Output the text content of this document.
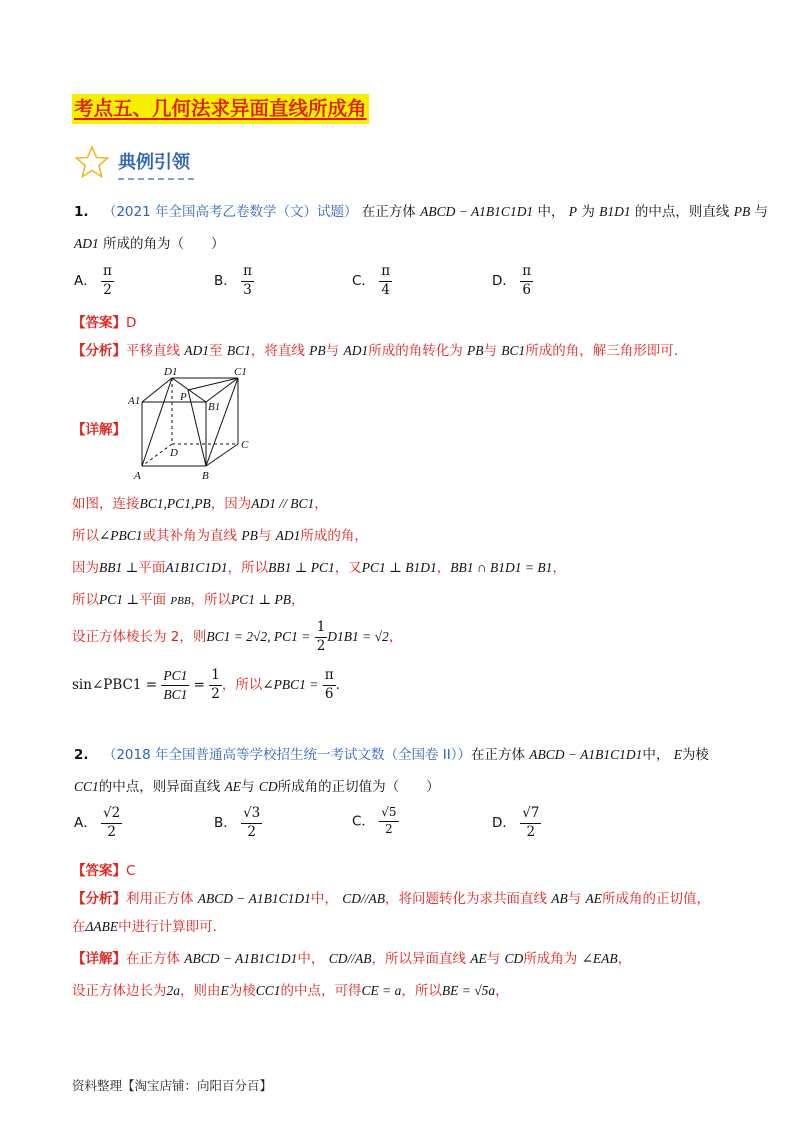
考点五、几何法求异面直线所成角
典例引领
1. （2021 年全国高考乙卷数学（文）试题） 在正方体 ABCD − A1B1C1D1 中， P 为 B1D1 的中点，则直线 PB 与
AD1 所成的角为（　　）
A． $\frac{\pi}{2}$	B． $\frac{\pi}{3}$	C． $\frac{\pi}{4}$	D． $\frac{\pi}{6}$
【答案】D
【分析】平移直线 AD1至 BC1，将直线 PB与 AD1所成的角转化为 PB与 BC1所成的角，解三角形即可.
【详解】
D1	C1
A1	P
B1
C
D
A	B
如图，连接BC1,PC1,PB，因为AD1 // BC1，
所以∠PBC1或其补角为直线 PB与 AD1所成的角，
因为BB1 ⊥平面A1B1C1D1，所以BB1 ⊥ PC1，又PC1 ⊥ B1D1，BB1 ∩ B1D1 = B1，
所以PC1 ⊥平面 PBB，所以PC1 ⊥ PB，
设正方体棱长为 2，则BC1 = 2√2, $PC1 = \frac{1}{2} D1B1 = √2$，
sin∠PBC1 = $\frac{PC1}{BC1} = \frac{1}{2}$ ，所以∠PBC1 = $\frac{\pi}{6}$ .
2. （2018 年全国普通高等学校招生统一考试文数（全国卷 II））在正方体 ABCD − A1B1C1D1中， E为棱
CC1的中点，则异面直线 AE与 CD所成角的正切值为（　　）
A． $\frac{√2}{2}$	B． $\frac{√3}{2}$	C． $\frac{√5}{2}$	D． $\frac{√7}{2}$
【答案】C
【分析】利用正方体 ABCD − A1B1C1D1中， CD//AB，将问题转化为求共面直线 AB与 AE所成角的正切值，
在ΔABE中进行计算即可.
【详解】在正方体 ABCD − A1B1C1D1中， CD//AB，所以异面直线 AE与 CD所成角为 ∠EAB，
设正方体边长为2a，则由E为棱CC1的中点，可得CE = a，所以BE = √5a，
资料整理【淘宝店铺：向阳百分百】
